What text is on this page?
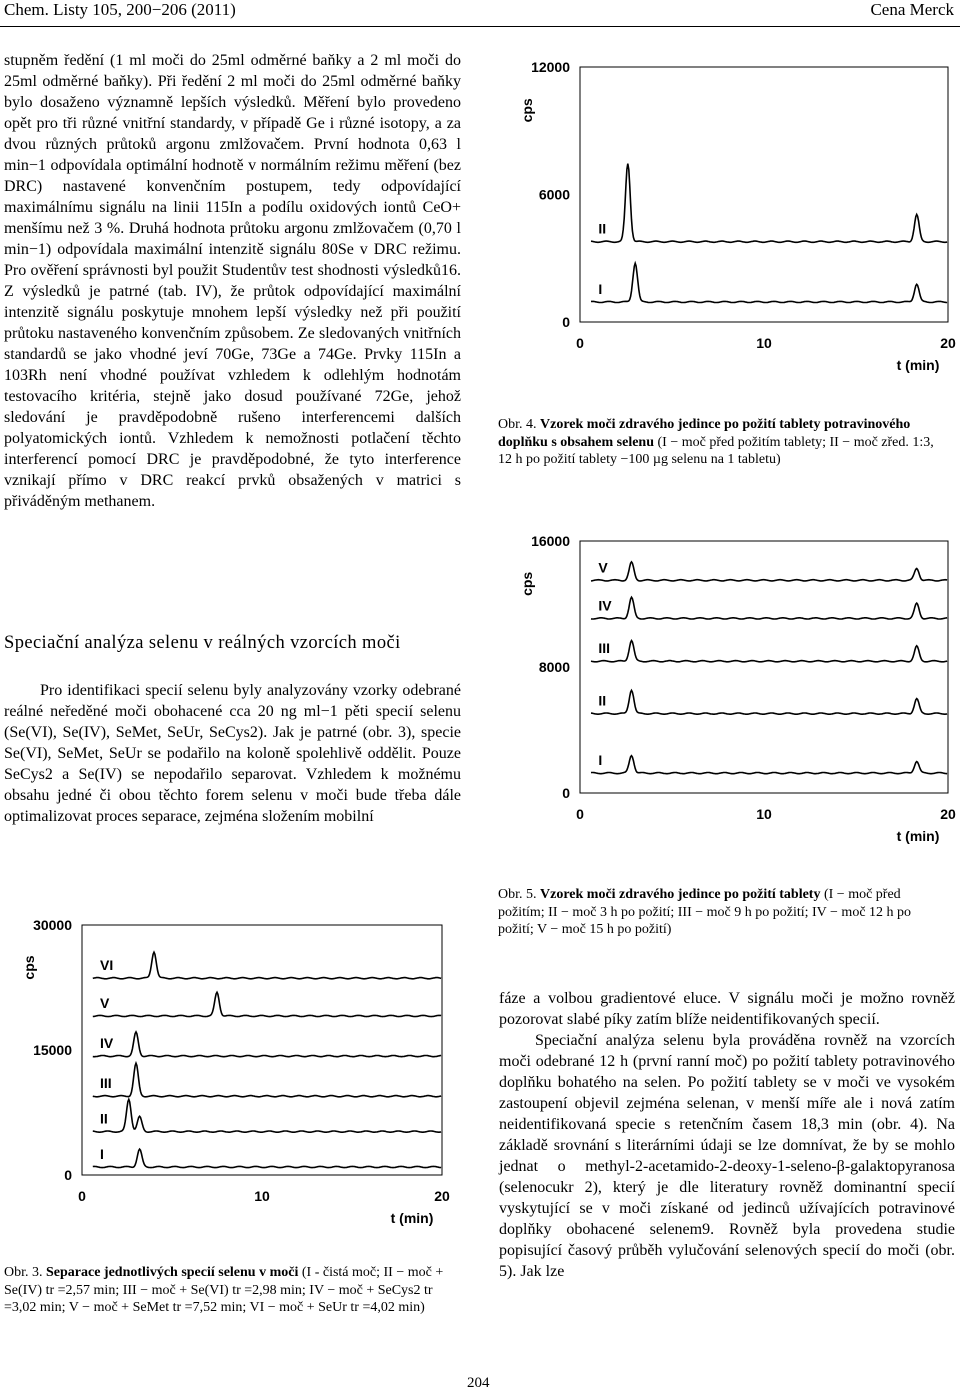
Chem. Listy 105, 200−206 (2011)	Cena Merck

stupněm ředění (1 ml moči do 25ml odměrné baňky a 2 ml moči do 25ml odměrné baňky). Při ředění 2 ml moči do 25ml odměrné baňky bylo dosaženo významně lepších výsledků. Měření bylo provedeno opět pro tři různé vnitřní standardy, v případě Ge i různé isotopy, a za dvou různých průtoků argonu zmlžovačem. První hodnota 0,63 l min−1 odpovídala optimální hodnotě v normálním režimu měření (bez DRC) nastavené konvenčním postupem, tedy odpovídající maximálnímu signálu na linii 115In a podílu oxidových iontů CeO+ menšímu než 3 %. Druhá hodnota průtoku argonu zmlžovačem (0,70 l min−1) odpovídala maximální intenzitě signálu 80Se v DRC režimu. Pro ověření správnosti byl použit Studentův test shodnosti výsledků16. Z výsledků je patrné (tab. IV), že průtok odpovídající maximální intenzitě signálu poskytuje mnohem lepší výsledky než při použití průtoku nastaveného konvenčním způsobem. Ze sledovaných vnitřních standardů se jako vhodné jeví 70Ge, 73Ge a 74Ge. Prvky 115In a 103Rh není vhodné používat vzhledem k odlehlým hodnotám testovacího kritéria, stejně jako dosud používané 72Ge, jehož sledování je pravděpodobně rušeno interferencemi dalších polyatomických iontů. Vzhledem k nemožnosti potlačení těchto interferencí pomocí DRC je pravděpodobné, že tyto interference vznikají přímo v DRC reakcí prvků obsažených v matrici s přiváděným methanem.

Speciační analýza selenu v reálných vzorcích moči

Pro identifikaci specií selenu byly analyzovány vzorky odebrané reálné neředěné moči obohacené cca 20 ng ml−1 pěti specií selenu (Se(VI), Se(IV), SeMet, SeUr, SeCys2). Jak je patrné (obr. 3), specie Se(VI), SeMet, SeUr se podařilo na koloně spolehlivě oddělit. Pouze SeCys2 a Se(IV) se nepodařilo separovat. Vzhledem k možnému obsahu jedné či obou těchto forem selenu v moči bude třeba dále optimalizovat proces separace, zejména složením mobilní

0
6000
12000
0	10	20
t (min)
cps
I
II
Obr. 4. Vzorek moči zdravého jedince po požití tablety potravinového doplňku s obsahem selenu (I − moč před požitím tablety; II − moč zřed. 1:3, 12 h po požití tablety −100 µg selenu na 1 tabletu)
0
8000
16000
0	10	20
t (min)
cps
I
II
III
IV
V
Obr. 5. Vzorek moči zdravého jedince po požití tablety (I − moč před požitím; II − moč 3 h po požití; III − moč 9 h po požití; IV − moč 12 h po požití; V − moč 15 h po požití)
0
15000
30000
0	10	20
t (min)
cps
I
II
III
IV
V
VI
Obr. 3. Separace jednotlivých specií selenu v moči (I - čistá moč; II − moč + Se(IV) tr =2,57 min; III − moč + Se(VI) tr =2,98 min; IV − moč + SeCys2 tr =3,02 min; V − moč + SeMet tr =7,52 min; VI − moč + SeUr tr =4,02 min)

fáze a volbou gradientové eluce. V signálu moči je možno rovněž pozorovat slabé píky zatím blíže neidentifikovaných specií.

Speciační analýza selenu byla prováděna rovněž na vzorcích moči odebrané 12 h (první ranní moč) po požití tablety potravinového doplňku bohatého na selen. Po požití tablety se v moči ve vysokém zastoupení objevil zejména selenan, v menší míře ale i nová zatím neidentifikovaná specie s retenčním časem 18,3 min (obr. 4). Na základě srovnání s literárními údaji se lze domnívat, že by se mohlo jednat o methyl-2-acetamido-2-deoxy-1-seleno-β-galaktopyranosa (selenocukr 2), který je dle literatury rovněž dominantní specií vyskytující se v moči získané od jedinců užívajících potravinové doplňky obohacené selenem9. Rovněž byla provedena studie popisující časový průběh vylučování selenových specií do moči (obr. 5). Jak lze

204
